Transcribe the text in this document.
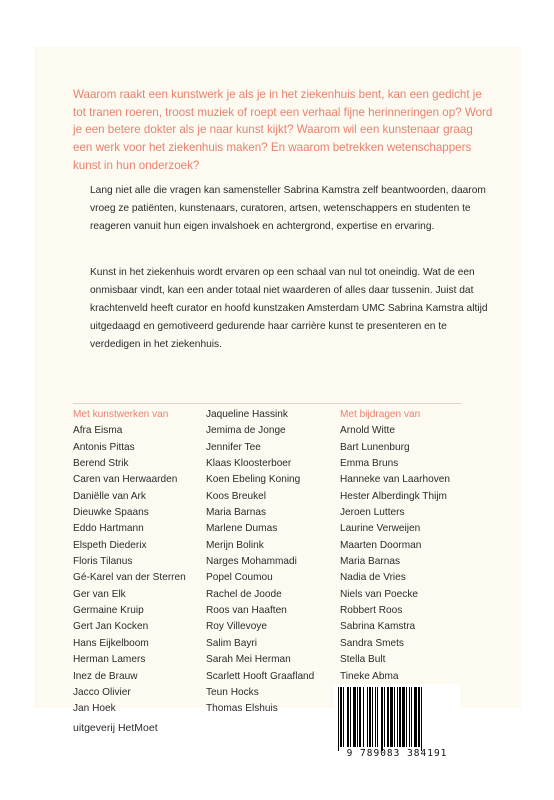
Waarom raakt een kunstwerk je als je in het ziekenhuis bent, kan een gedicht je tot tranen roeren, troost muziek of roept een verhaal fijne herinneringen op? Word je een betere dokter als je naar kunst kijkt? Waarom wil een kunstenaar graag een werk voor het ziekenhuis maken? En waarom betrekken wetenschappers kunst in hun onderzoek?

Lang niet alle die vragen kan samensteller Sabrina Kamstra zelf beantwoorden, daarom vroeg ze patiënten, kunstenaars, curatoren, artsen, wetenschappers en studenten te reageren vanuit hun eigen invalshoek en achtergrond, expertise en ervaring.

Kunst in het ziekenhuis wordt ervaren op een schaal van nul tot oneindig. Wat de een onmisbaar vindt, kan een ander totaal niet waarderen of alles daar tussenin. Juist dat krachtenveld heeft curator en hoofd kunstzaken Amsterdam UMC Sabrina Kamstra altijd uitgedaagd en gemotiveerd gedurende haar carrière kunst te presenteren en te verdedigen in het ziekenhuis.

Met kunstwerken van
Afra Eisma
Antonis Pittas
Berend Strik
Caren van Herwaarden
Daniëlle van Ark
Dieuwke Spaans
Eddo Hartmann
Elspeth Diederix
Floris Tilanus
Gé-Karel van der Sterren
Ger van Elk
Germaine Kruip
Gert Jan Kocken
Hans Eijkelboom
Herman Lamers
Inez de Brauw
Jacco Olivier
Jan Hoek
Jaqueline Hassink
Jemima de Jonge
Jennifer Tee
Klaas Kloosterboer
Koen Ebeling Koning
Koos Breukel
Maria Barnas
Marlene Dumas
Merijn Bolink
Narges Mohammadi
Popel Coumou
Rachel de Joode
Roos van Haaften
Roy Villevoye
Salim Bayri
Sarah Mei Herman
Scarlett Hooft Graafland
Teun Hocks
Thomas Elshuis
Met bijdragen van
Arnold Witte
Bart Lunenburg
Emma Bruns
Hanneke van Laarhoven
Hester Alberdingk Thijm
Jeroen Lutters
Laurine Verweijen
Maarten Doorman
Maria Barnas
Nadia de Vries
Niels van Poecke
Robbert Roos
Sabrina Kamstra
Sandra Smets
Stella Bult
Tineke Abma
uitgeverij HetMoet
9 789083 384191
